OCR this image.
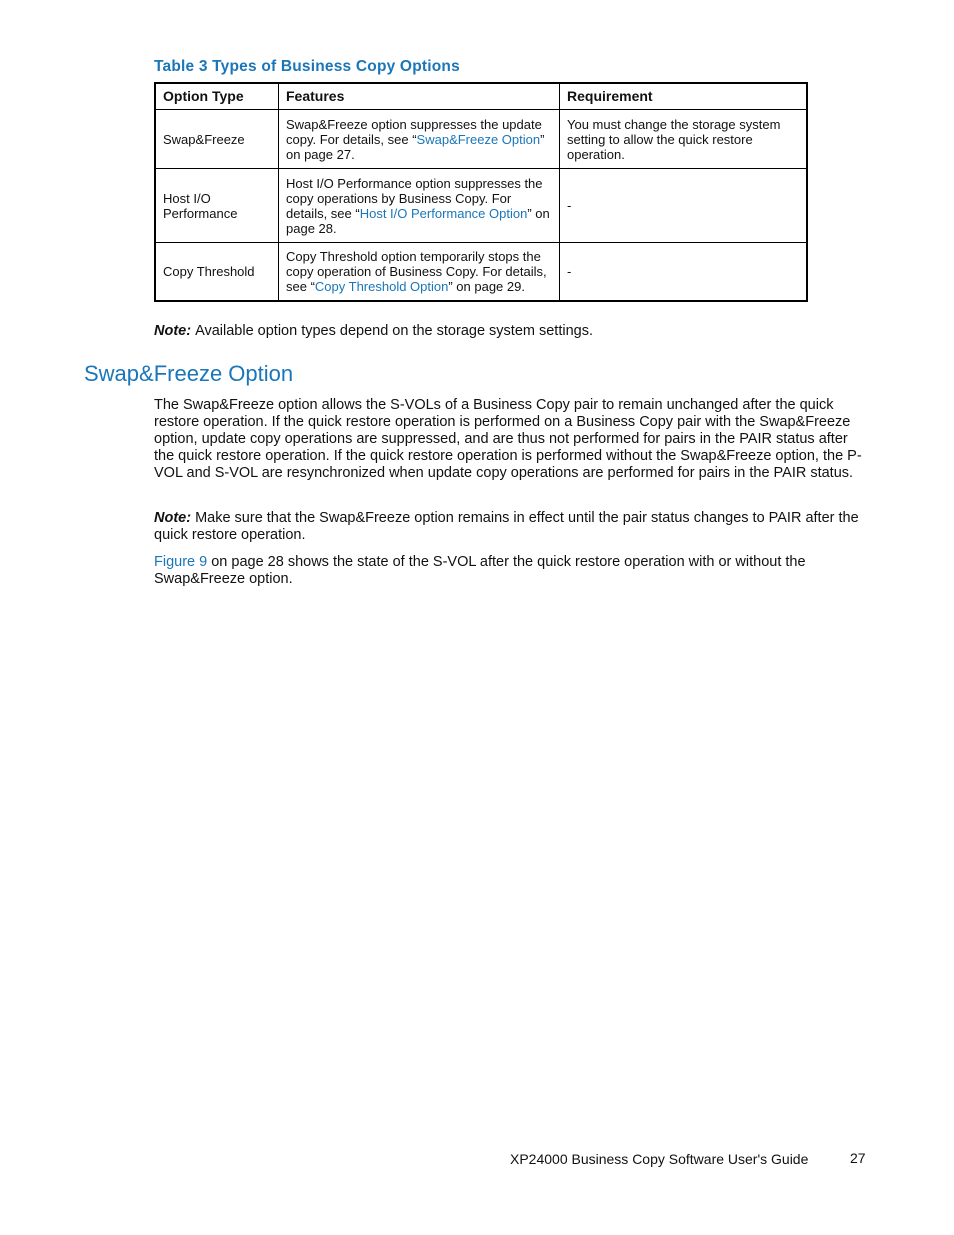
Table 3 Types of Business Copy Options
Option Type	Features	Requirement
Swap&Freeze	Swap&Freeze option suppresses the update copy. For details, see “Swap&Freeze Option” on page 27.	You must change the storage system setting to allow the quick restore operation.
Host I/O Performance	Host I/O Performance option suppresses the copy operations by Business Copy. For details, see “Host I/O Performance Option” on page 28.	-
Copy Threshold	Copy Threshold option temporarily stops the copy operation of Business Copy. For details, see “Copy Threshold Option” on page 29.	-
Note: Available option types depend on the storage system settings.
Swap&Freeze Option

The Swap&Freeze option allows the S-VOLs of a Business Copy pair to remain unchanged after the quick restore operation. If the quick restore operation is performed on a Business Copy pair with the Swap&Freeze option, update copy operations are suppressed, and are thus not performed for pairs in the PAIR status after the quick restore operation. If the quick restore operation is performed without the Swap&Freeze option, the P-VOL and S-VOL are resynchronized when update copy operations are performed for pairs in the PAIR status.

Note: Make sure that the Swap&Freeze option remains in effect until the pair status changes to PAIR after the quick restore operation.

Figure 9 on page 28 shows the state of the S-VOL after the quick restore operation with or without the Swap&Freeze option.

XP24000 Business Copy Software User's Guide	27
